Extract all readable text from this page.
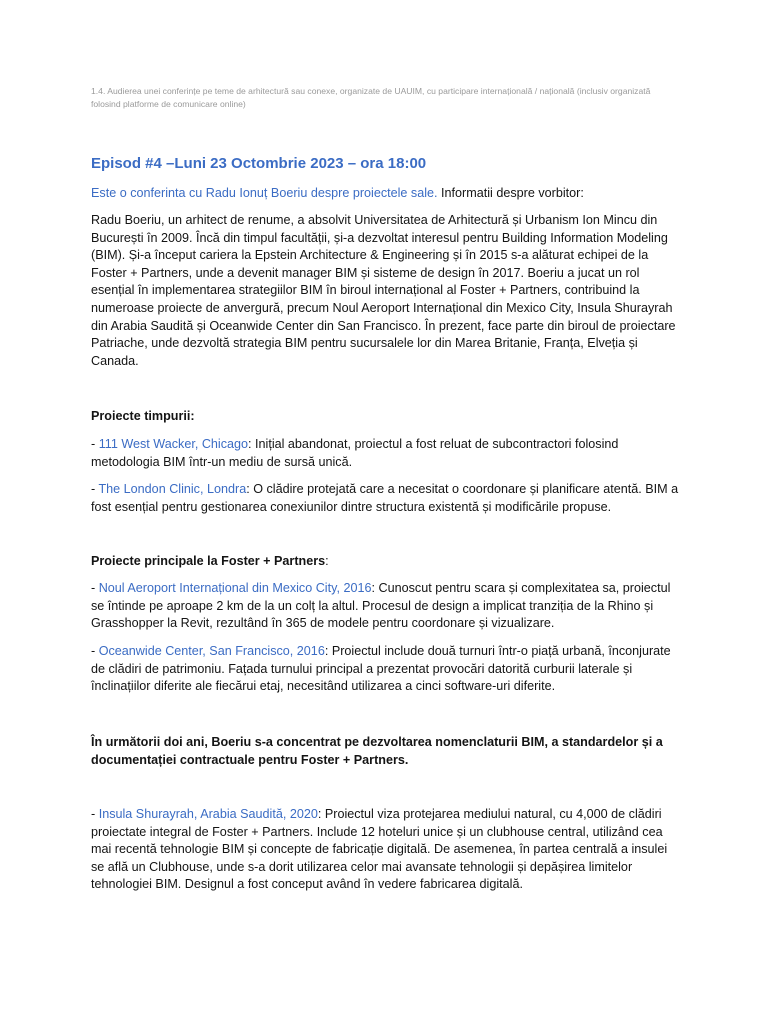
1.4. Audierea unei conferințe pe teme de arhitectură sau conexe, organizate de UAUIM, cu participare internațională / națională (inclusiv organizată folosind platforme de comunicare online)
Episod #4 –Luni 23 Octombrie 2023 – ora 18:00
Este o conferinta cu Radu Ionuț Boeriu despre proiectele sale. Informatii despre vorbitor:
Radu Boeriu, un arhitect de renume, a absolvit Universitatea de Arhitectură și Urbanism Ion Mincu din București în 2009. Încă din timpul facultății, și-a dezvoltat interesul pentru Building Information Modeling (BIM). Și-a început cariera la Epstein Architecture & Engineering și în 2015 s-a alăturat echipei de la Foster + Partners, unde a devenit manager BIM și sisteme de design în 2017. Boeriu a jucat un rol esențial în implementarea strategiilor BIM în biroul internațional al Foster + Partners, contribuind la numeroase proiecte de anvergură, precum Noul Aeroport Internațional din Mexico City, Insula Shurayrah din Arabia Saudită și Oceanwide Center din San Francisco. În prezent, face parte din biroul de proiectare Patriache, unde dezvoltă strategia BIM pentru sucursalele lor din Marea Britanie, Franța, Elveția și Canada.
Proiecte timpurii:
- 111 West Wacker, Chicago: Inițial abandonat, proiectul a fost reluat de subcontractori folosind metodologia BIM într-un mediu de sursă unică.
- The London Clinic, Londra: O clădire protejată care a necesitat o coordonare și planificare atentă. BIM a fost esențial pentru gestionarea conexiunilor dintre structura existentă și modificările propuse.
Proiecte principale la Foster + Partners:
- Noul Aeroport Internațional din Mexico City, 2016: Cunoscut pentru scara și complexitatea sa, proiectul se întinde pe aproape 2 km de la un colț la altul. Procesul de design a implicat tranziția de la Rhino și Grasshopper la Revit, rezultând în 365 de modele pentru coordonare și vizualizare.
- Oceanwide Center, San Francisco, 2016: Proiectul include două turnuri într-o piață urbană, înconjurate de clădiri de patrimoniu. Fațada turnului principal a prezentat provocări datorită curburii laterale și înclinațiilor diferite ale fiecărui etaj, necesitând utilizarea a cinci software-uri diferite.
În următorii doi ani, Boeriu s-a concentrat pe dezvoltarea nomenclaturii BIM, a standardelor și a documentației contractuale pentru Foster + Partners.
- Insula Shurayrah, Arabia Saudită, 2020: Proiectul viza protejarea mediului natural, cu 4,000 de clădiri proiectate integral de Foster + Partners. Include 12 hoteluri unice și un clubhouse central, utilizând cea mai recentă tehnologie BIM și concepte de fabricație digitală. De asemenea, în partea centrală a insulei se află un Clubhouse, unde s-a dorit utilizarea celor mai avansate tehnologii și depășirea limitelor tehnologiei BIM. Designul a fost conceput având în vedere fabricarea digitală.
